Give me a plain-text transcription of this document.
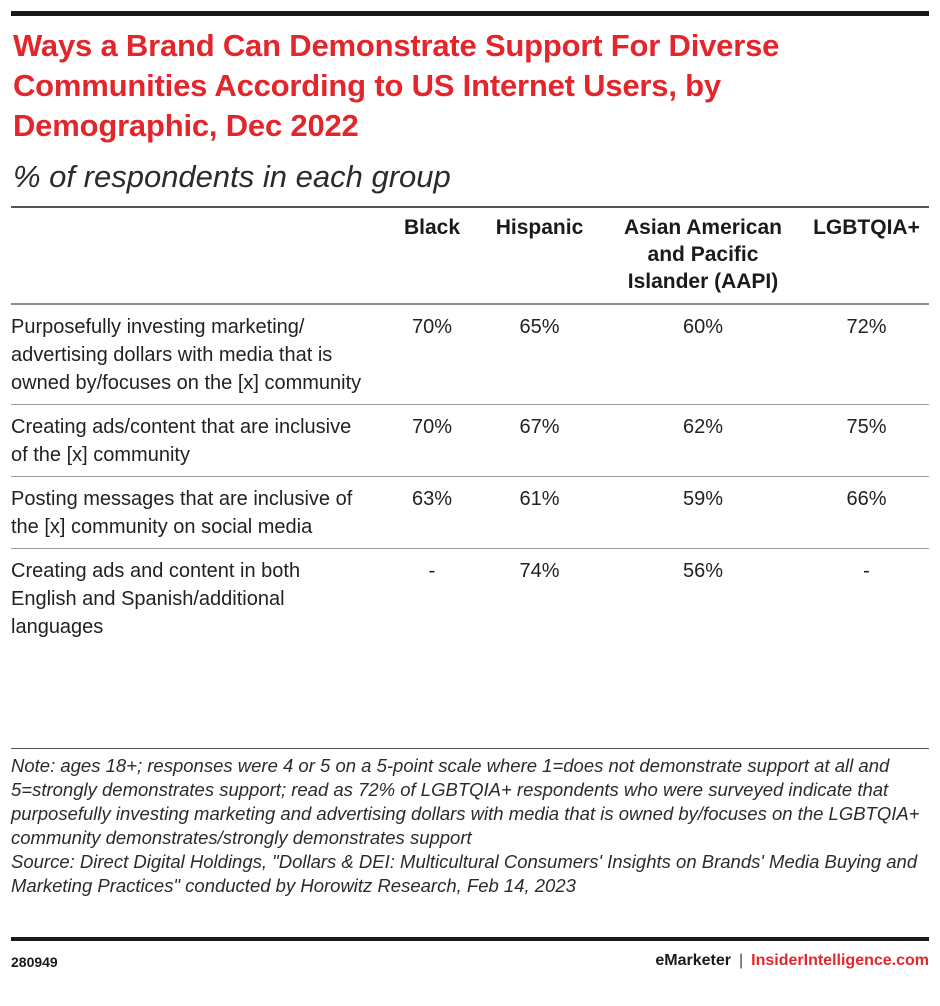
Ways a Brand Can Demonstrate Support For Diverse Communities According to US Internet Users, by Demographic, Dec 2022
% of respondents in each group
	Black	Hispanic	Asian American and Pacific Islander (AAPI)	LGBTQIA+
Purposefully investing marketing/ advertising dollars with media that is owned by/focuses on the [x] community	70%	65%	60%	72%
Creating ads/content that are inclusive of the [x] community	70%	67%	62%	75%
Posting messages that are inclusive of the [x] community on social media	63%	61%	59%	66%
Creating ads and content in both English and Spanish/additional languages	-	74%	56%	-

Note: ages 18+; responses were 4 or 5 on a 5-point scale where 1=does not demonstrate support at all and 5=strongly demonstrates support; read as 72% of LGBTQIA+ respondents who were surveyed indicate that purposefully investing marketing and advertising dollars with media that is owned by/focuses on the LGBTQIA+ community demonstrates/strongly demonstrates support

Source: Direct Digital Holdings, "Dollars & DEI: Multicultural Consumers' Insights on Brands' Media Buying and Marketing Practices" conducted by Horowitz Research, Feb 14, 2023

280949	eMarketer | InsiderIntelligence.com
